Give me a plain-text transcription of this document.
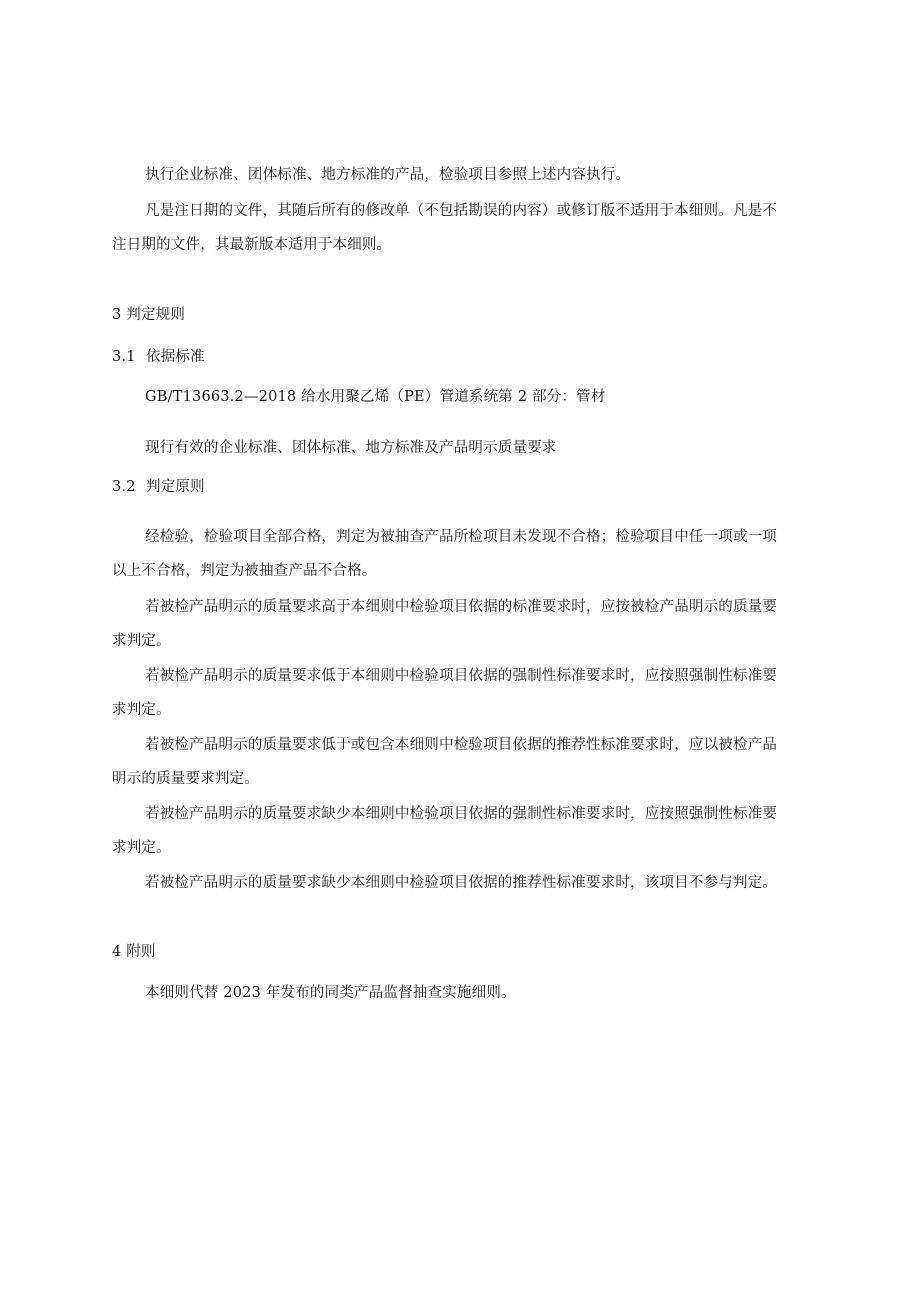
执行企业标准、团体标准、地方标准的产品，检验项目参照上述内容执行。
凡是注日期的文件，其随后所有的修改单（不包括勘误的内容）或修订版不适用于本细则。凡是不
注日期的文件，其最新版本适用于本细则。
3 判定规则
3.1 依据标准
GB/T13663.2—2018 给水用聚乙烯（PE）管道系统第 2 部分：管材
现行有效的企业标准、团体标准、地方标准及产品明示质量要求
3.2 判定原则
经检验，检验项目全部合格，判定为被抽查产品所检项目未发现不合格；检验项目中任一项或一项
以上不合格，判定为被抽查产品不合格。
若被检产品明示的质量要求高于本细则中检验项目依据的标准要求时，应按被检产品明示的质量要
求判定。
若被检产品明示的质量要求低于本细则中检验项目依据的强制性标准要求时，应按照强制性标准要
求判定。
若被检产品明示的质量要求低于或包含本细则中检验项目依据的推荐性标准要求时，应以被检产品
明示的质量要求判定。
若被检产品明示的质量要求缺少本细则中检验项目依据的强制性标准要求时，应按照强制性标准要
求判定。
若被检产品明示的质量要求缺少本细则中检验项目依据的推荐性标准要求时，该项目不参与判定。
4 附则
本细则代替 2023 年发布的同类产品监督抽查实施细则。
